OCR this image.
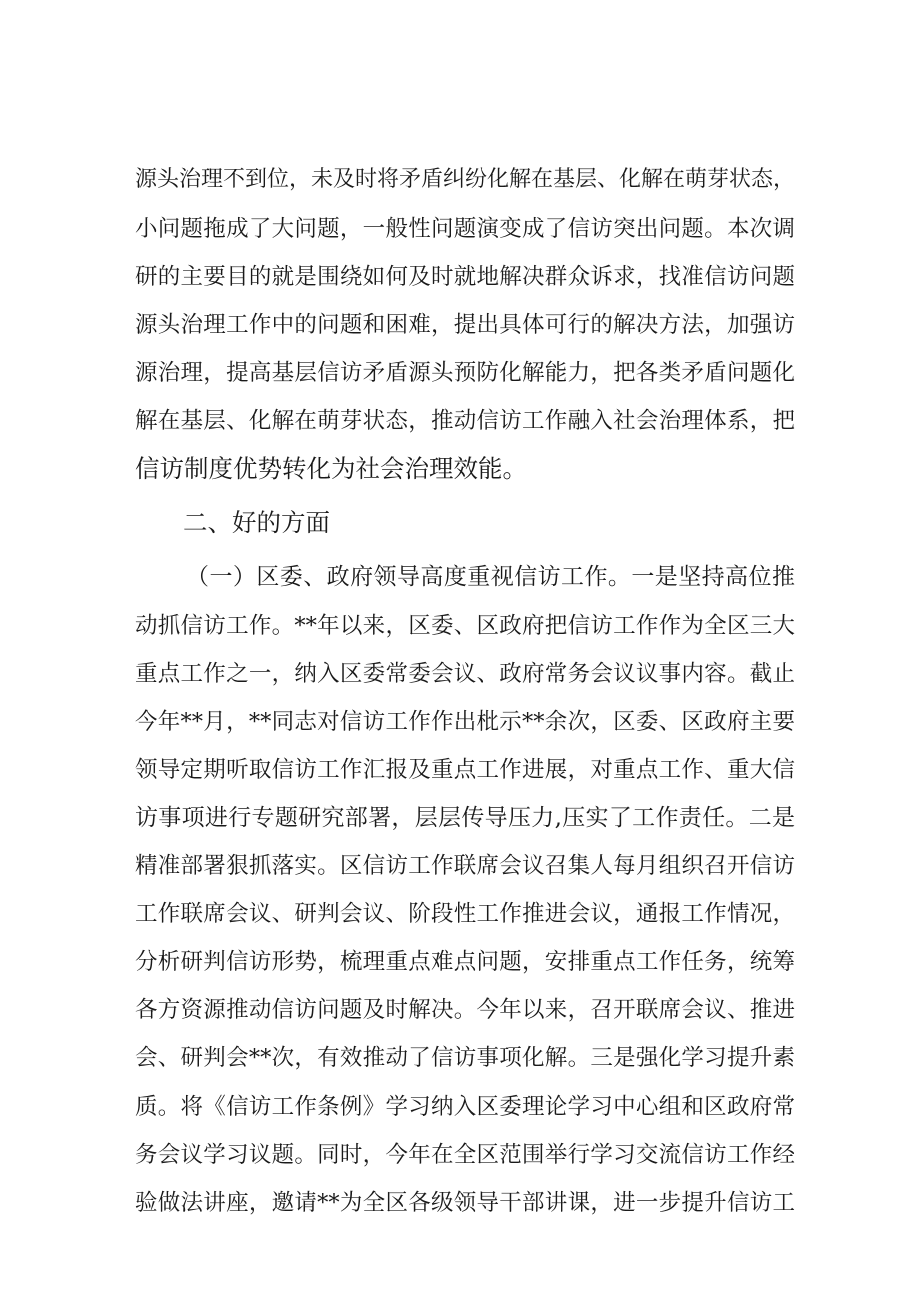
源头治理不到位，未及时将矛盾纠纷化解在基层、化解在萌芽状态，
小问题拖成了大问题，一般性问题演变成了信访突出问题。本次调
研的主要目的就是围绕如何及时就地解决群众诉求，找准信访问题
源头治理工作中的问题和困难，提出具体可行的解决方法，加强访
源治理，提高基层信访矛盾源头预防化解能力，把各类矛盾问题化
解在基层、化解在萌芽状态，推动信访工作融入社会治理体系，把
信访制度优势转化为社会治理效能。
二、好的方面
（一）区委、政府领导高度重视信访工作。一是坚持高位推
动抓信访工作。**年以来，区委、区政府把信访工作作为全区三大
重点工作之一，纳入区委常委会议、政府常务会议议事内容。截止
今年**月，**同志对信访工作作出枇示**余次，区委、区政府主要
领导定期听取信访工作汇报及重点工作进展，对重点工作、重大信
访事项进行专题研究部署，层层传导压力,压实了工作责任。二是
精准部署狠抓落实。区信访工作联席会议召集人每月组织召开信访
工作联席会议、研判会议、阶段性工作推进会议，通报工作情况，
分析研判信访形势，梳理重点难点问题，安排重点工作任务，统筹
各方资源推动信访问题及时解决。今年以来，召开联席会议、推进
会、研判会**次，有效推动了信访事项化解。三是强化学习提升素
质。将《信访工作条例》学习纳入区委理论学习中心组和区政府常
务会议学习议题。同时，今年在全区范围举行学习交流信访工作经
验做法讲座，邀请**为全区各级领导干部讲课，进一步提升信访工
